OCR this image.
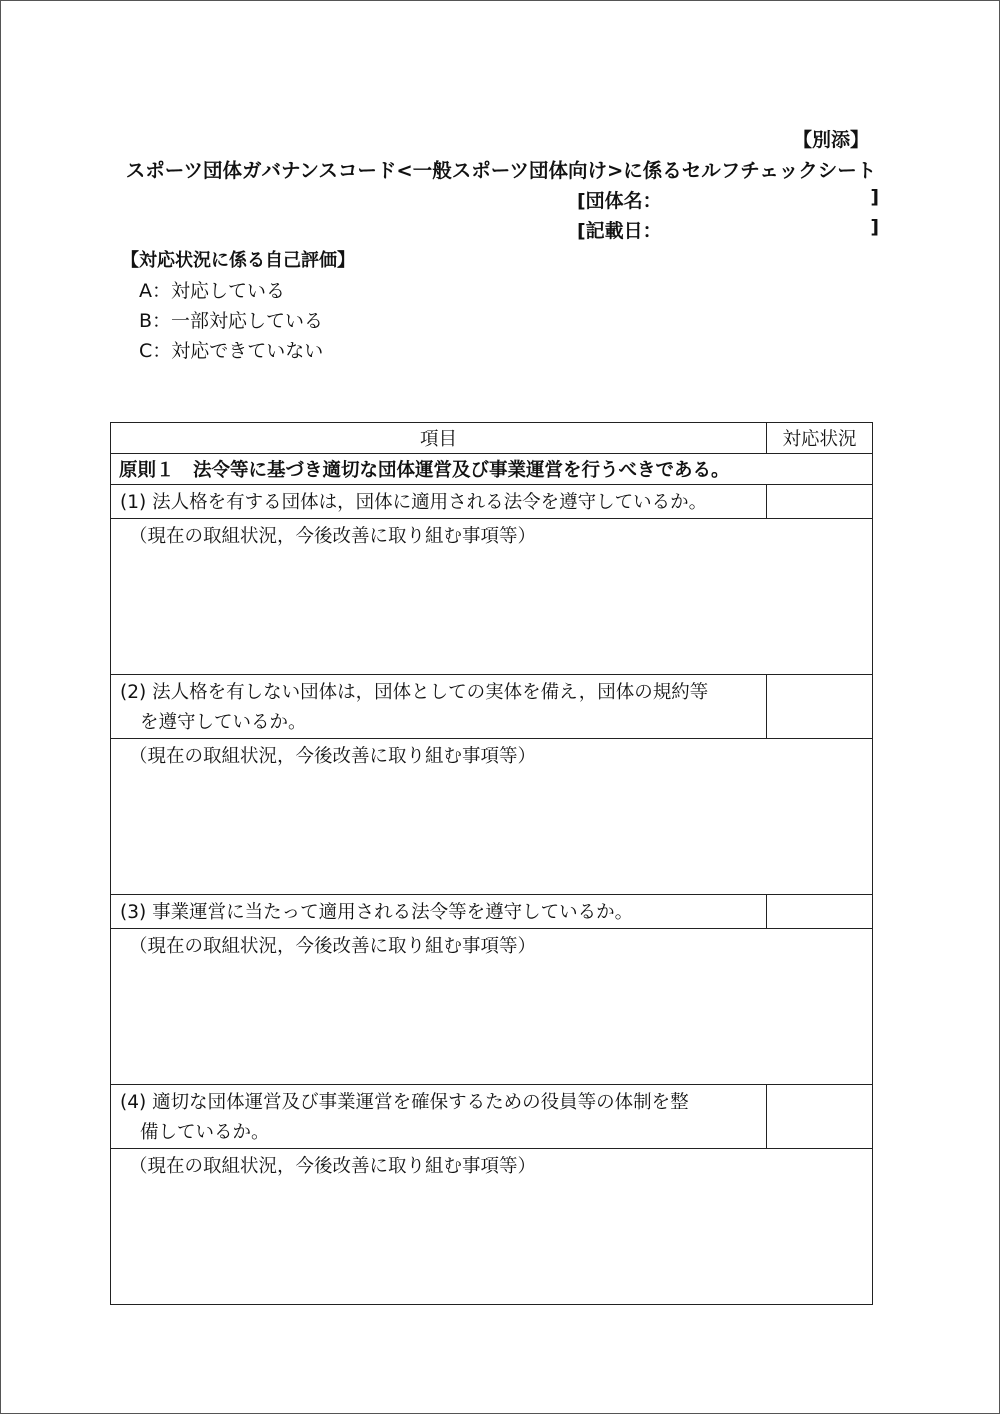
【別添】
スポーツ団体ガバナンスコード<一般スポーツ団体向け>に係るセルフチェックシート
[団体名：	]
[記載日：	]
【対応状況に係る自己評価】
A：対応している
B：一部対応している
C：対応できていない
項目	対応状況
原則１　法令等に基づき適切な団体運営及び事業運営を行うべきである。	
(1) 法人格を有する団体は，団体に適用される法令を遵守しているか。	
（現在の取組状況，今後改善に取り組む事項等）	
(2) 法人格を有しない団体は，団体としての実体を備え，団体の規約等
を遵守しているか。	

（現在の取組状況，今後改善に取り組む事項等）	
(3) 事業運営に当たって適用される法令等を遵守しているか。	
（現在の取組状況，今後改善に取り組む事項等）	
(4) 適切な団体運営及び事業運営を確保するための役員等の体制を整
備しているか。	

（現在の取組状況，今後改善に取り組む事項等）	
